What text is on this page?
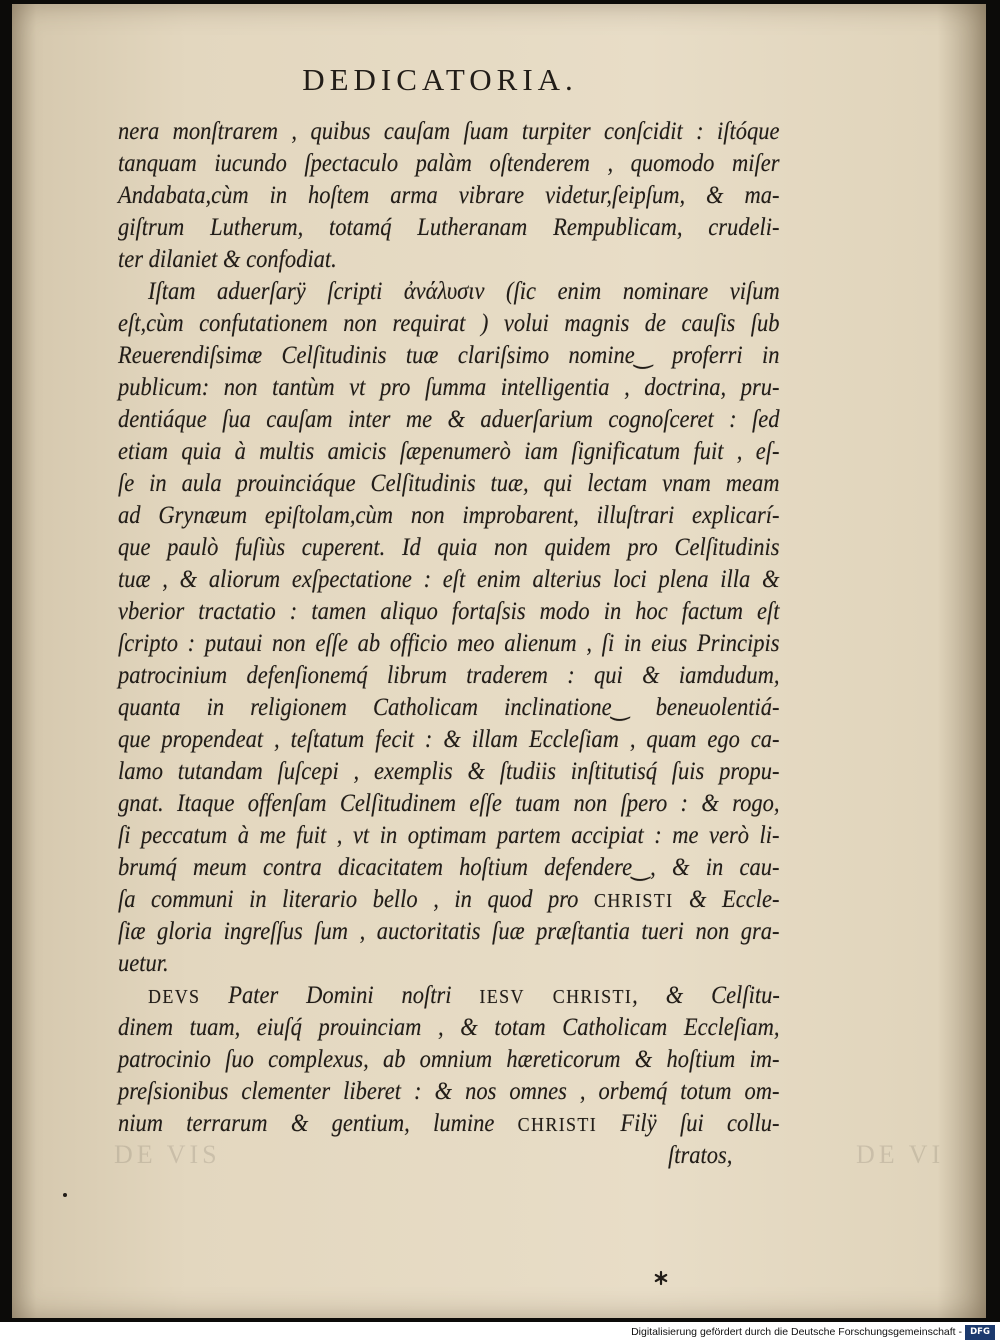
DEDICATORIA.
nera monſtrarem , quibus cauſam ſuam turpiter conſcidit : iſtóque
tanquam iucundo ſpectaculo palàm oſtenderem , quomodo miſer
Andabata,cùm in hoſtem arma vibrare videtur,ſeipſum, & ma-
giſtrum Lutherum, totamq́ Lutheranam Rempublicam, crudeli-
ter dilaniet & confodiat.
Iſtam aduerſarÿ ſcripti ἀνάλυσιν (ſic enim nominare viſum
eſt,cùm confutationem non requirat ) volui magnis de cauſis ſub
Reuerendiſsimæ Celſitudinis tuæ clariſsimo nomine‿ proferri in
publicum: non tantùm vt pro ſumma intelligentia , doctrina, pru-
dentiáque ſua cauſam inter me & aduerſarium cognoſceret : ſed
etiam quia à multis amicis ſæpenumerò iam ſignificatum fuit , eſ-
ſe in aula prouinciáque Celſitudinis tuæ, qui lectam vnam meam
ad Grynæum epiſtolam,cùm non improbarent, illuſtrari explicarí-
que paulò fuſiùs cuperent. Id quia non quidem pro Celſitudinis
tuæ , & aliorum exſpectatione : eſt enim alterius loci plena illa &
vberior tractatio : tamen aliquo fortaſsis modo in hoc factum eſt
ſcripto : putaui non eſſe ab officio meo alienum , ſi in eius Principis
patrocinium defenſionemq́ librum traderem : qui & iamdudum,
quanta in religionem Catholicam inclinatione‿ beneuolentiá-
que propendeat , teſtatum fecit : & illam Eccleſiam , quam ego ca-
lamo tutandam ſuſcepi , exemplis & ſtudiis inſtitutisq́ ſuis propu-
gnat. Itaque offenſam Celſitudinem eſſe tuam non ſpero : & rogo,
ſi peccatum à me fuit , vt in optimam partem accipiat : me verò li-
brumq́ meum contra dicacitatem hoſtium defendere‿, & in cau-
ſa communi in literario bello , in quod pro CHRISTI & Eccle-
ſiæ gloria ingreſſus ſum , auctoritatis ſuæ præſtantia tueri non gra-
uetur.
DEVS Pater Domini noſtri IESV CHRISTI, & Celſitu-
dinem tuam, eiuſq́ prouinciam , & totam Catholicam Eccleſiam,
patrocinio ſuo complexus, ab omnium hæreticorum & hoſtium im-
preſsionibus clementer liberet : & nos omnes , orbemq́ totum om-
nium terrarum & gentium, lumine CHRISTI Filÿ ſui collu-
ſtratos,
DE VIS	DE VI
Digitalisierung gefördert durch die Deutsche Forschungsgemeinschaft - DFG
